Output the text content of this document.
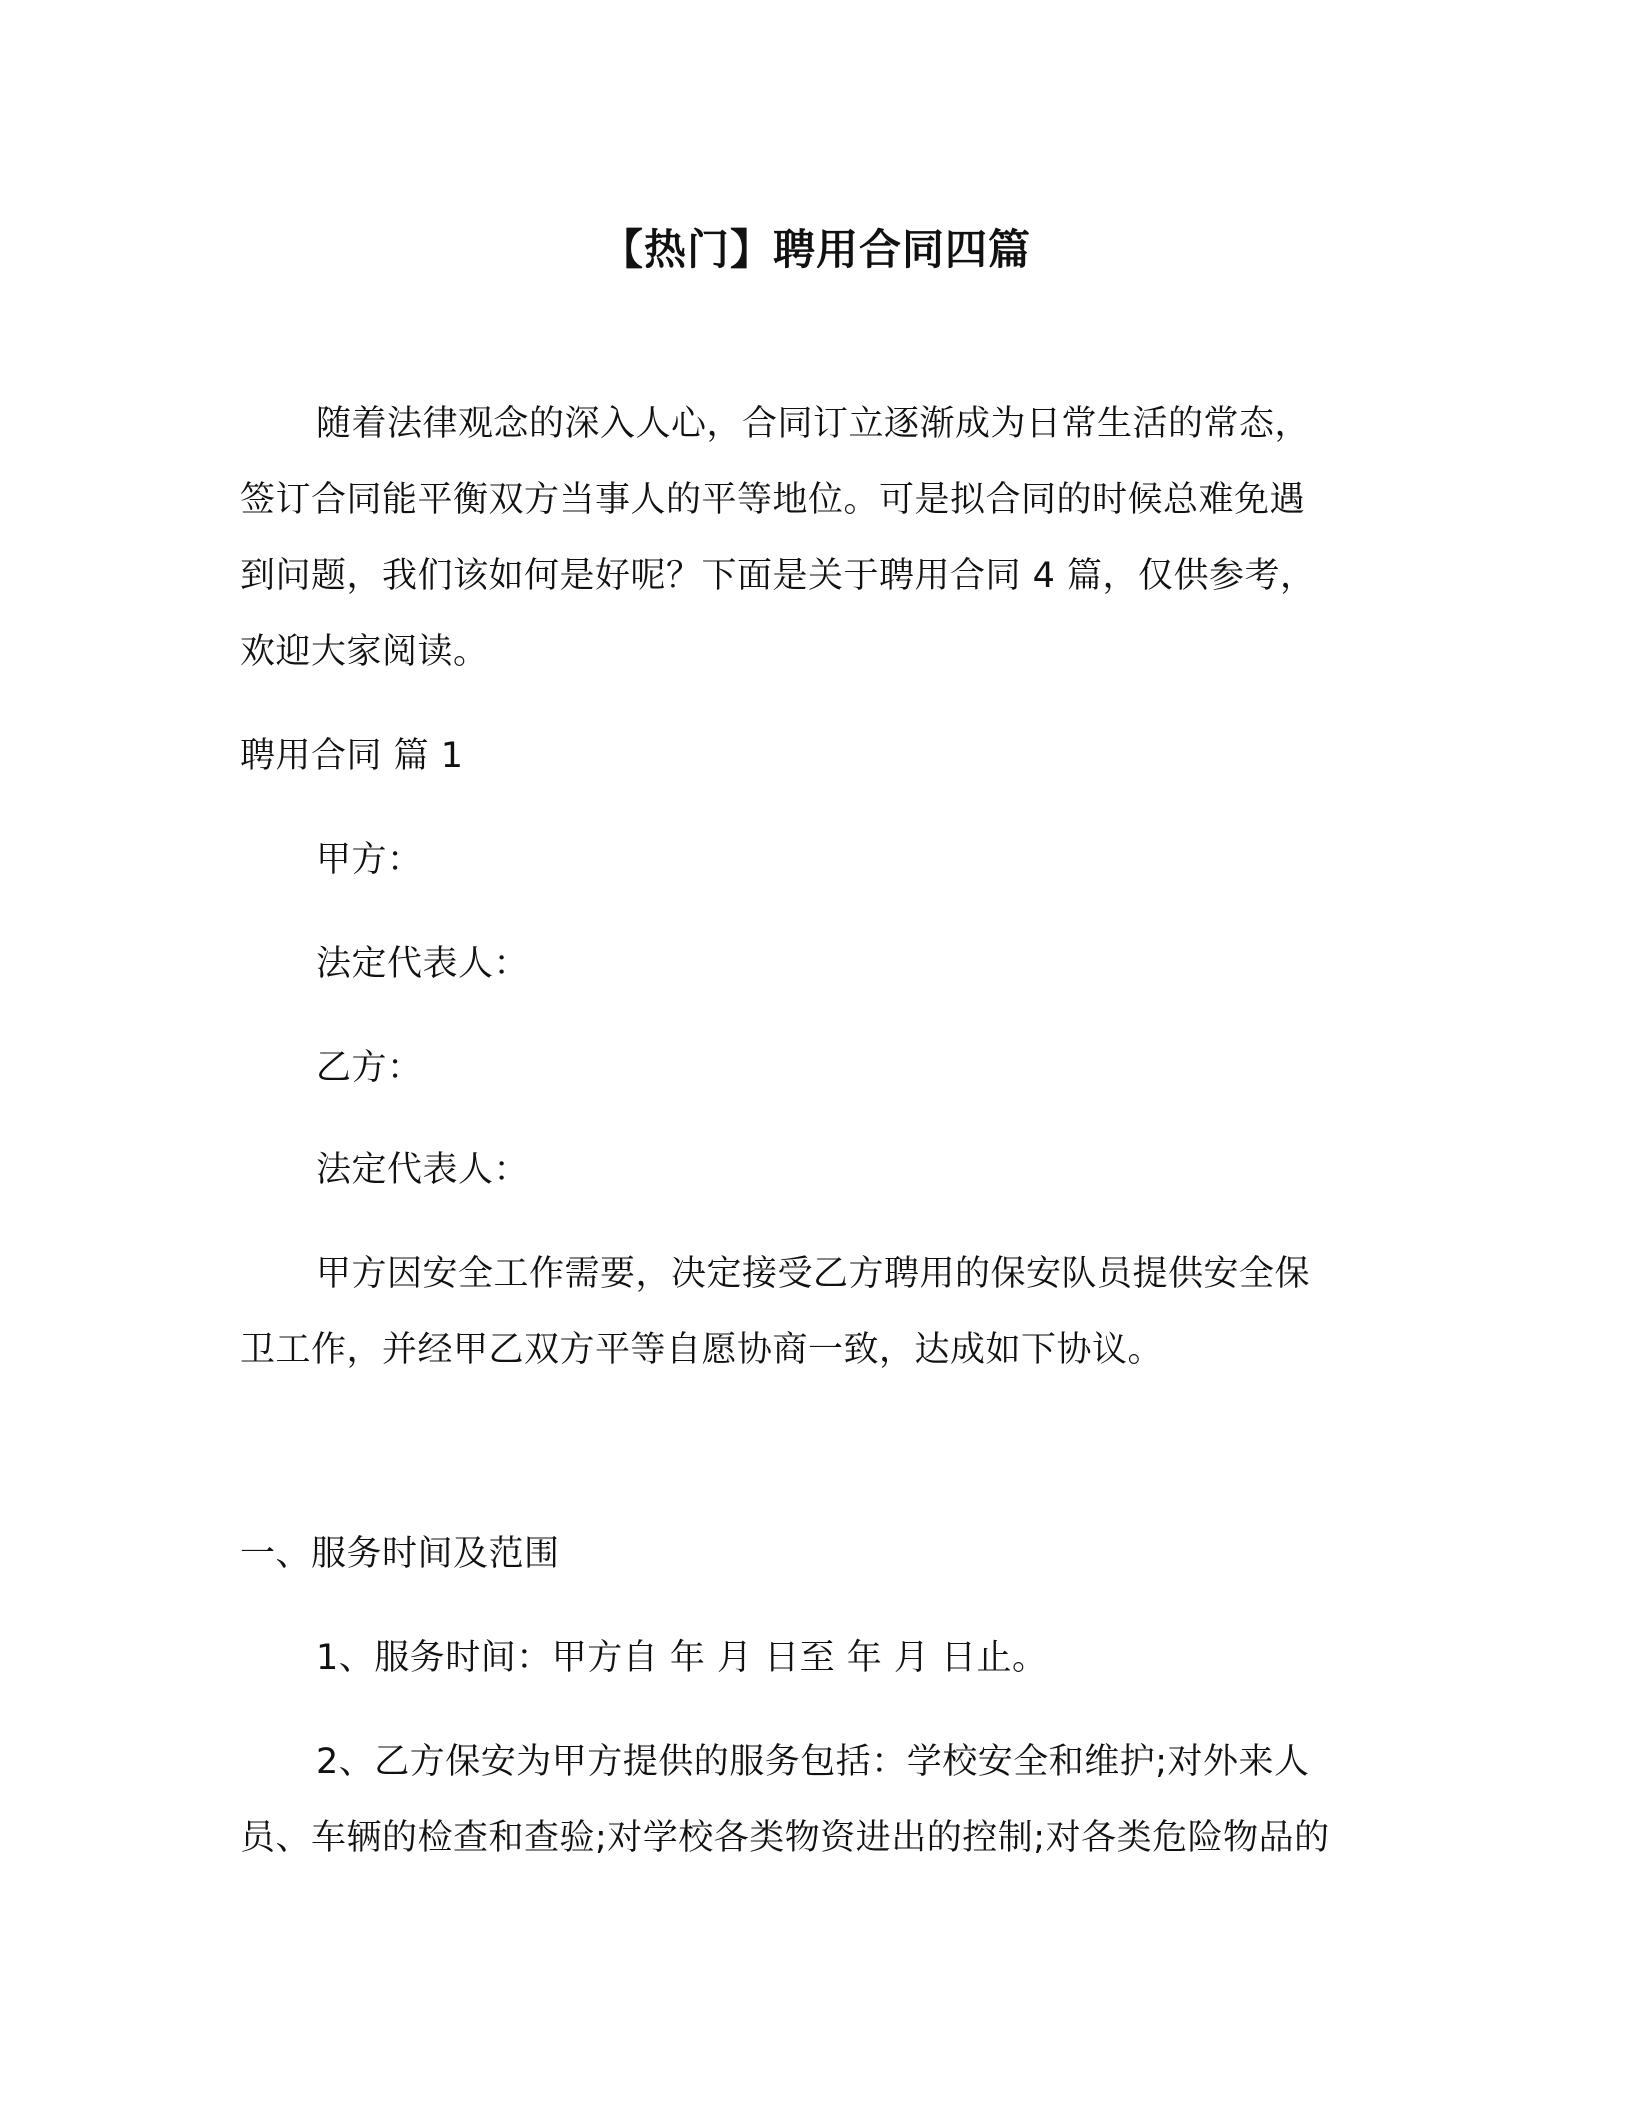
【热门】聘用合同四篇
随着法律观念的深入人心，合同订立逐渐成为日常生活的常态，
签订合同能平衡双方当事人的平等地位。可是拟合同的时候总难免遇
到问题，我们该如何是好呢？下面是关于聘用合同 4 篇，仅供参考，
欢迎大家阅读。
聘用合同 篇 1
甲方：
法定代表人：
乙方：
法定代表人：
甲方因安全工作需要，决定接受乙方聘用的保安队员提供安全保
卫工作，并经甲乙双方平等自愿协商一致，达成如下协议。
一、服务时间及范围
1、服务时间：甲方自 年 月 日至 年 月 日止。
2、乙方保安为甲方提供的服务包括：学校安全和维护;对外来人
员、车辆的检查和查验;对学校各类物资进出的控制;对各类危险物品的
